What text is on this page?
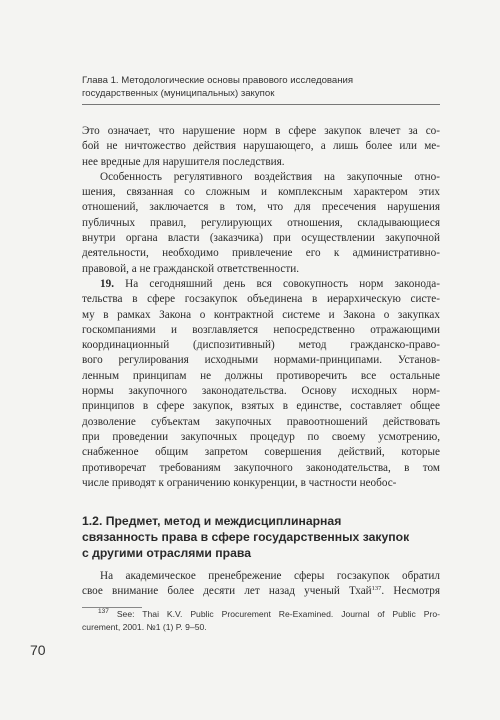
Глава 1. Методологические основы правового исследования
государственных (муниципальных) закупок
Это означает, что нарушение норм в сфере закупок влечет за со-
бой не ничтожество действия нарушающего, а лишь более или ме-
нее вредные для нарушителя последствия.
Особенность регулятивного воздействия на закупочные отно-
шения, связанная со сложным и комплексным характером этих
отношений, заключается в том, что для пресечения нарушения
публичных правил, регулирующих отношения, складывающиеся
внутри органа власти (заказчика) при осуществлении закупочной
деятельности, необходимо привлечение его к административно-
правовой, а не гражданской ответственности.
19. На сегодняшний день вся совокупность норм законода-
тельства в сфере госзакупок объединена в иерархическую систе-
му в рамках Закона о контрактной системе и Закона о закупках
госкомпаниями и возглавляется непосредственно отражающими
координационный (диспозитивный) метод гражданско-право-
вого регулирования исходными нормами-принципами. Установ-
ленным принципам не должны противоречить все остальные
нормы закупочного законодательства. Основу исходных норм-
принципов в сфере закупок, взятых в единстве, составляет общее
дозволение субъектам закупочных правоотношений действовать
при проведении закупочных процедур по своему усмотрению,
снабженное общим запретом совершения действий, которые
противоречат требованиям закупочного законодательства, в том
числе приводят к ограничению конкуренции, в частности необос-
1.2. Предмет, метод и междисциплинарная
связанность права в сфере государственных закупок
с другими отраслями права
На академическое пренебрежение сферы госзакупок обратил
свое внимание более десяти лет назад ученый Тхай$^{137}$. Несмотря
$^{137}$ See: Thai K.V. Public Procurement Re-Examined. Journal of Public Pro-
curement, 2001. №1 (1) P. 9–50.
70
